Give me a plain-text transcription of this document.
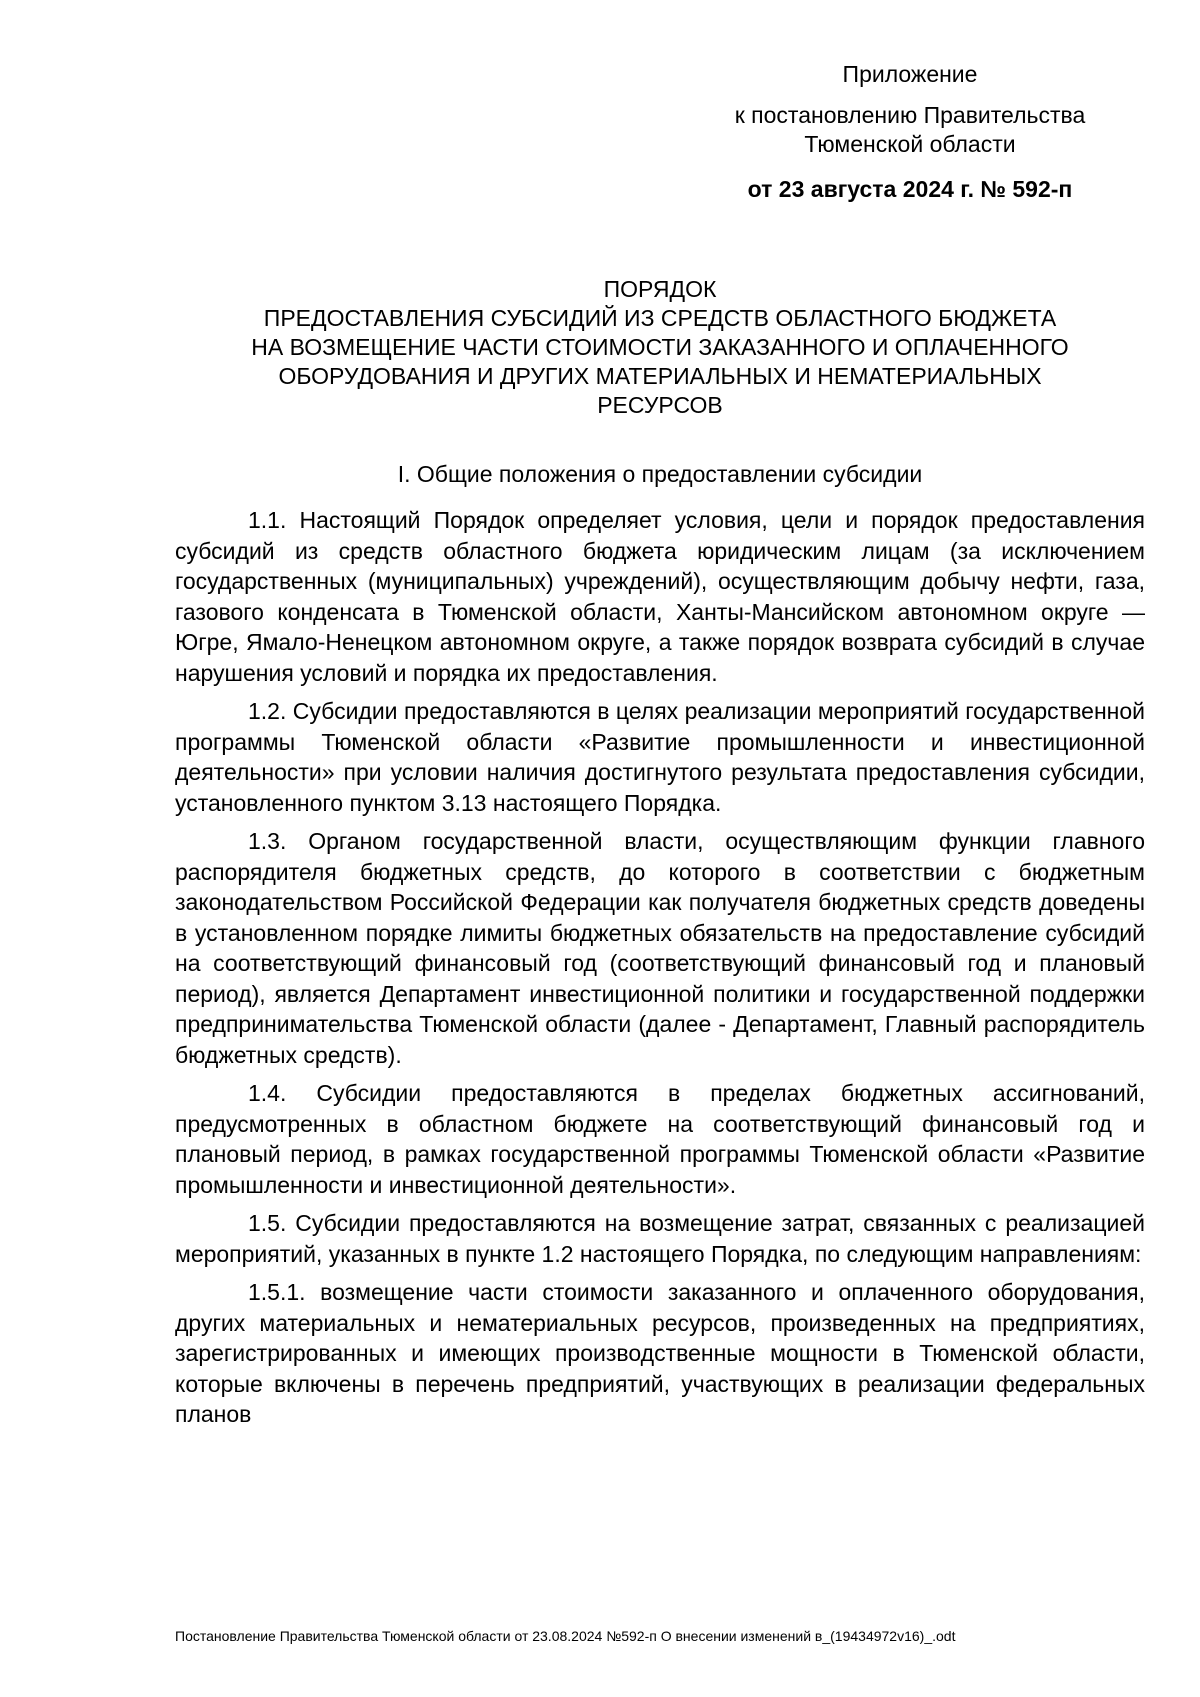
Приложение
к постановлению Правительства
Тюменской области
от 23 августа 2024 г. № 592-п
ПОРЯДОК
ПРЕДОСТАВЛЕНИЯ СУБСИДИЙ ИЗ СРЕДСТВ ОБЛАСТНОГО БЮДЖЕТА
НА ВОЗМЕЩЕНИЕ ЧАСТИ СТОИМОСТИ ЗАКАЗАННОГО И ОПЛАЧЕННОГО
ОБОРУДОВАНИЯ И ДРУГИХ МАТЕРИАЛЬНЫХ И НЕМАТЕРИАЛЬНЫХ
РЕСУРСОВ
I. Общие положения о предоставлении субсидии

1.1. Настоящий Порядок определяет условия, цели и порядок предоставления субсидий из средств областного бюджета юридическим лицам (за исключением государственных (муниципальных) учреждений), осуществляющим добычу нефти, газа, газового конденсата в Тюменской области, Ханты-Мансийском автономном округе — Югре, Ямало-Ненецком автономном округе, а также порядок возврата субсидий в случае нарушения условий и порядка их предоставления.

1.2. Субсидии предоставляются в целях реализации мероприятий государственной программы Тюменской области «Развитие промышленности и инвестиционной деятельности» при условии наличия достигнутого результата предоставления субсидии, установленного пунктом 3.13 настоящего Порядка.

1.3. Органом государственной власти, осуществляющим функции главного распорядителя бюджетных средств, до которого в соответствии с бюджетным законодательством Российской Федерации как получателя бюджетных средств доведены в установленном порядке лимиты бюджетных обязательств на предоставление субсидий на соответствующий финансовый год (соответствующий финансовый год и плановый период), является Департамент инвестиционной политики и государственной поддержки предпринимательства Тюменской области (далее - Департамент, Главный распорядитель бюджетных средств).

1.4. Субсидии предоставляются в пределах бюджетных ассигнований, предусмотренных в областном бюджете на соответствующий финансовый год и плановый период, в рамках государственной программы Тюменской области «Развитие промышленности и инвестиционной деятельности».

1.5. Субсидии предоставляются на возмещение затрат, связанных с реализацией мероприятий, указанных в пункте 1.2 настоящего Порядка, по следующим направлениям:

1.5.1. возмещение части стоимости заказанного и оплаченного оборудования, других материальных и нематериальных ресурсов, произведенных на предприятиях, зарегистрированных и имеющих производственные мощности в Тюменской области, которые включены в перечень предприятий, участвующих в реализации федеральных планов

Постановление Правительства Тюменской области от 23.08.2024 №592-п О внесении изменений в_(19434972v16)_.odt
